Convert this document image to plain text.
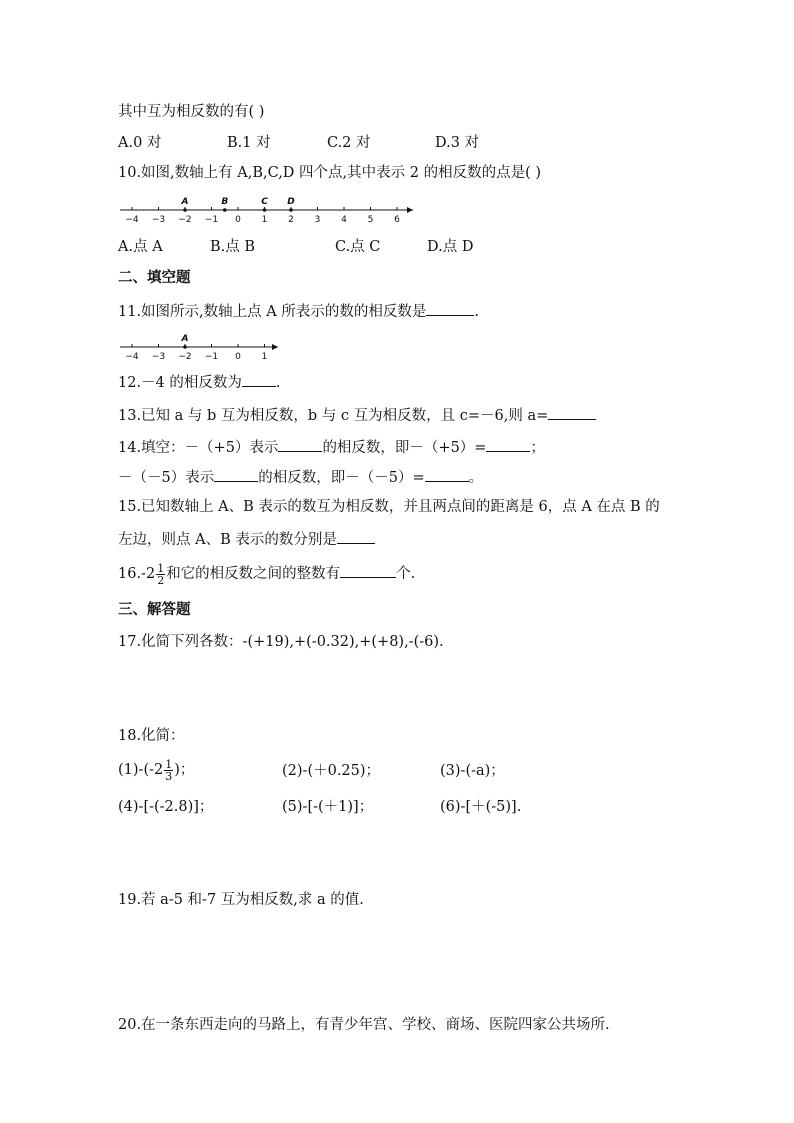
其中互为相反数的有( )
A.0 对	B.1 对	C.2 对	D.3 对
10.如图,数轴上有 A,B,C,D 四个点,其中表示 2 的相反数的点是( )
−4 −3 −2 −1 0 1 2 3 4 5 6
A	B	C D
A.点 A	B.点 B	C.点 C	D.点 D
二、填空题
11.如图所示,数轴上点 A 所表示的数的相反数是	.
−4 −3 −2 −1 0 1
A
12.－4 的相反数为 .
13.已知 a 与 b 互为相反数，b 与 c 互为相反数，且 c=－6,则 a=
14.填空：－（+5）表示	的相反数，即－（+5）=	；
－（－5）表示	的相反数，即－（－5）=	。
15.已知数轴上 A、B 表示的数互为相反数，并且两点间的距离是 6，点 A 在点 B 的
左边，则点 A、B 表示的数分别是
$16.-2 \frac{1}{2}$ 和它的相反数之间的整数有	个.
三、解答题
17.化简下列各数：-(+19),+(-0.32),+(+8),-(-6).
18.化简：
$(1)-(-2 \frac{1}{3}$ )；	(2)-(＋0.25)；	(3)-(-a)；
(4)-[-(-2.8)]；	(5)-[-(＋1)]；	(6)-[＋(-5)].
19.若 a-5 和-7 互为相反数,求 a 的值.
20.在一条东西走向的马路上，有青少年宫、学校、商场、医院四家公共场所.
